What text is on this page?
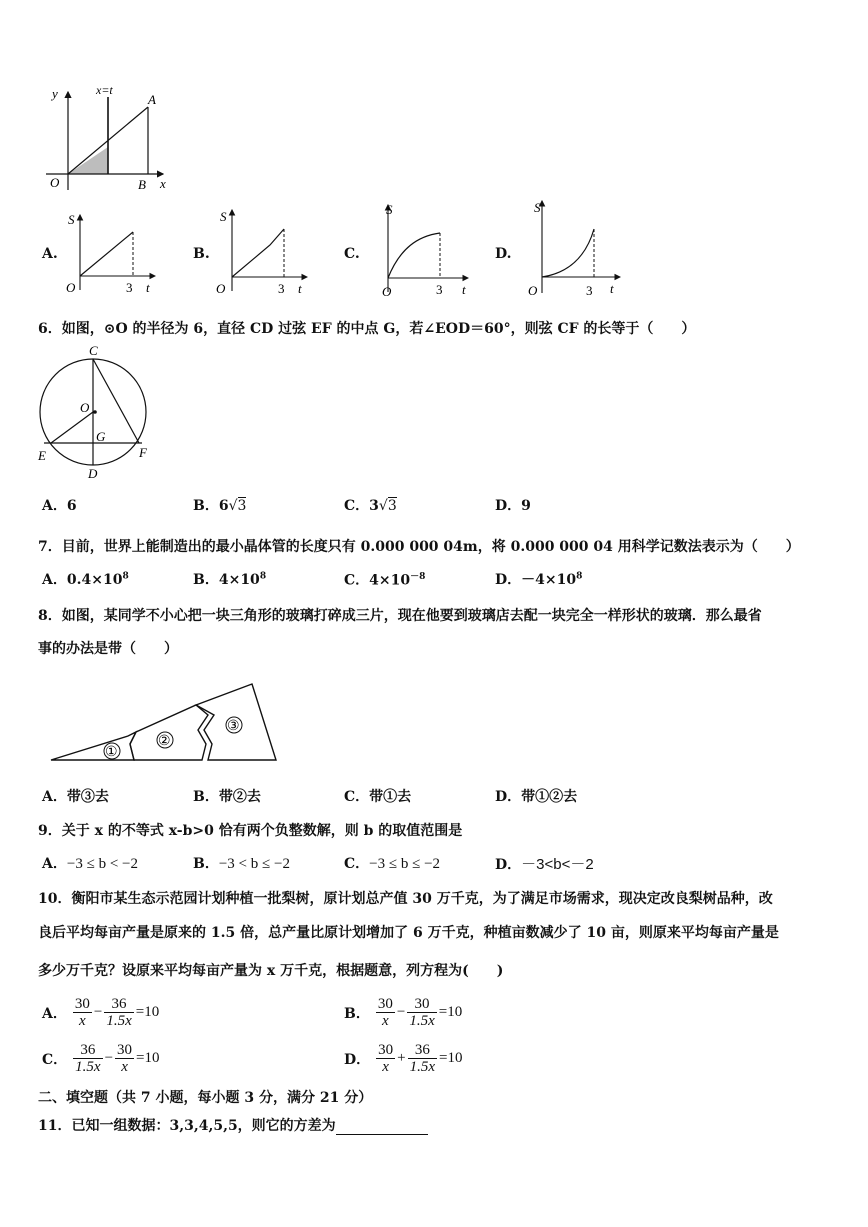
y
x
x=t
A
O	B
A.
S
O	3 t
B.
S
O	3 t
C.
S
O	3 t
D.
S
O	3 t
6．如图，⊙O 的半径为 6，直径 CD 过弦 EF 的中点 G，若∠EOD＝60°，则弦 CF 的长等于（　　）
C
O
G
E	F
D
A．6	B．6√3	C．3√3	D．9
7．目前，世界上能制造出的最小晶体管的长度只有 0.000 000 04m，将 0.000 000 04 用科学记数法表示为（　　）
A．$0.4\times 10^8$	B．$4\times 10^8$	C．$4\times 10^{-8}$	D．$-4\times 10^8$
8．如图，某同学不小心把一块三角形的玻璃打碎成三片，现在他要到玻璃店去配一块完全一样形状的玻璃．那么最省
事的办法是带（　　）
①
②
③
A．带③去	B．带②去	C．带①去	D．带①②去
9．关于 x 的不等式 x-b>0 恰有两个负整数解，则 b 的取值范围是
A．−3 ≤ b < −2	B．−3 < b ≤ −2	C．−3 ≤ b ≤ −2	D．－3<b<－2
10．衡阳市某生态示范园计划种植一批梨树，原计划总产值 30 万千克，为了满足市场需求，现决定改良梨树品种，改
良后平均每亩产量是原来的 1.5 倍，总产量比原计划增加了 6 万千克，种植亩数减少了 10 亩，则原来平均每亩产量是
多少万千克？设原来平均每亩产量为 x 万千克，根据题意，列方程为(　　)
A． $\frac{30}{x} - \frac{36}{1.5x} =10$	B． $\frac{30}{x} - \frac{30}{1.5x} =10$
C． $\frac{36}{1.5x} - \frac{30}{x} =10$	D． $\frac{30}{x} + \frac{36}{1.5x} =10$
二、填空题（共 7 小题，每小题 3 分，满分 21 分）
11．已知一组数据：3,3,4,5,5，则它的方差为
